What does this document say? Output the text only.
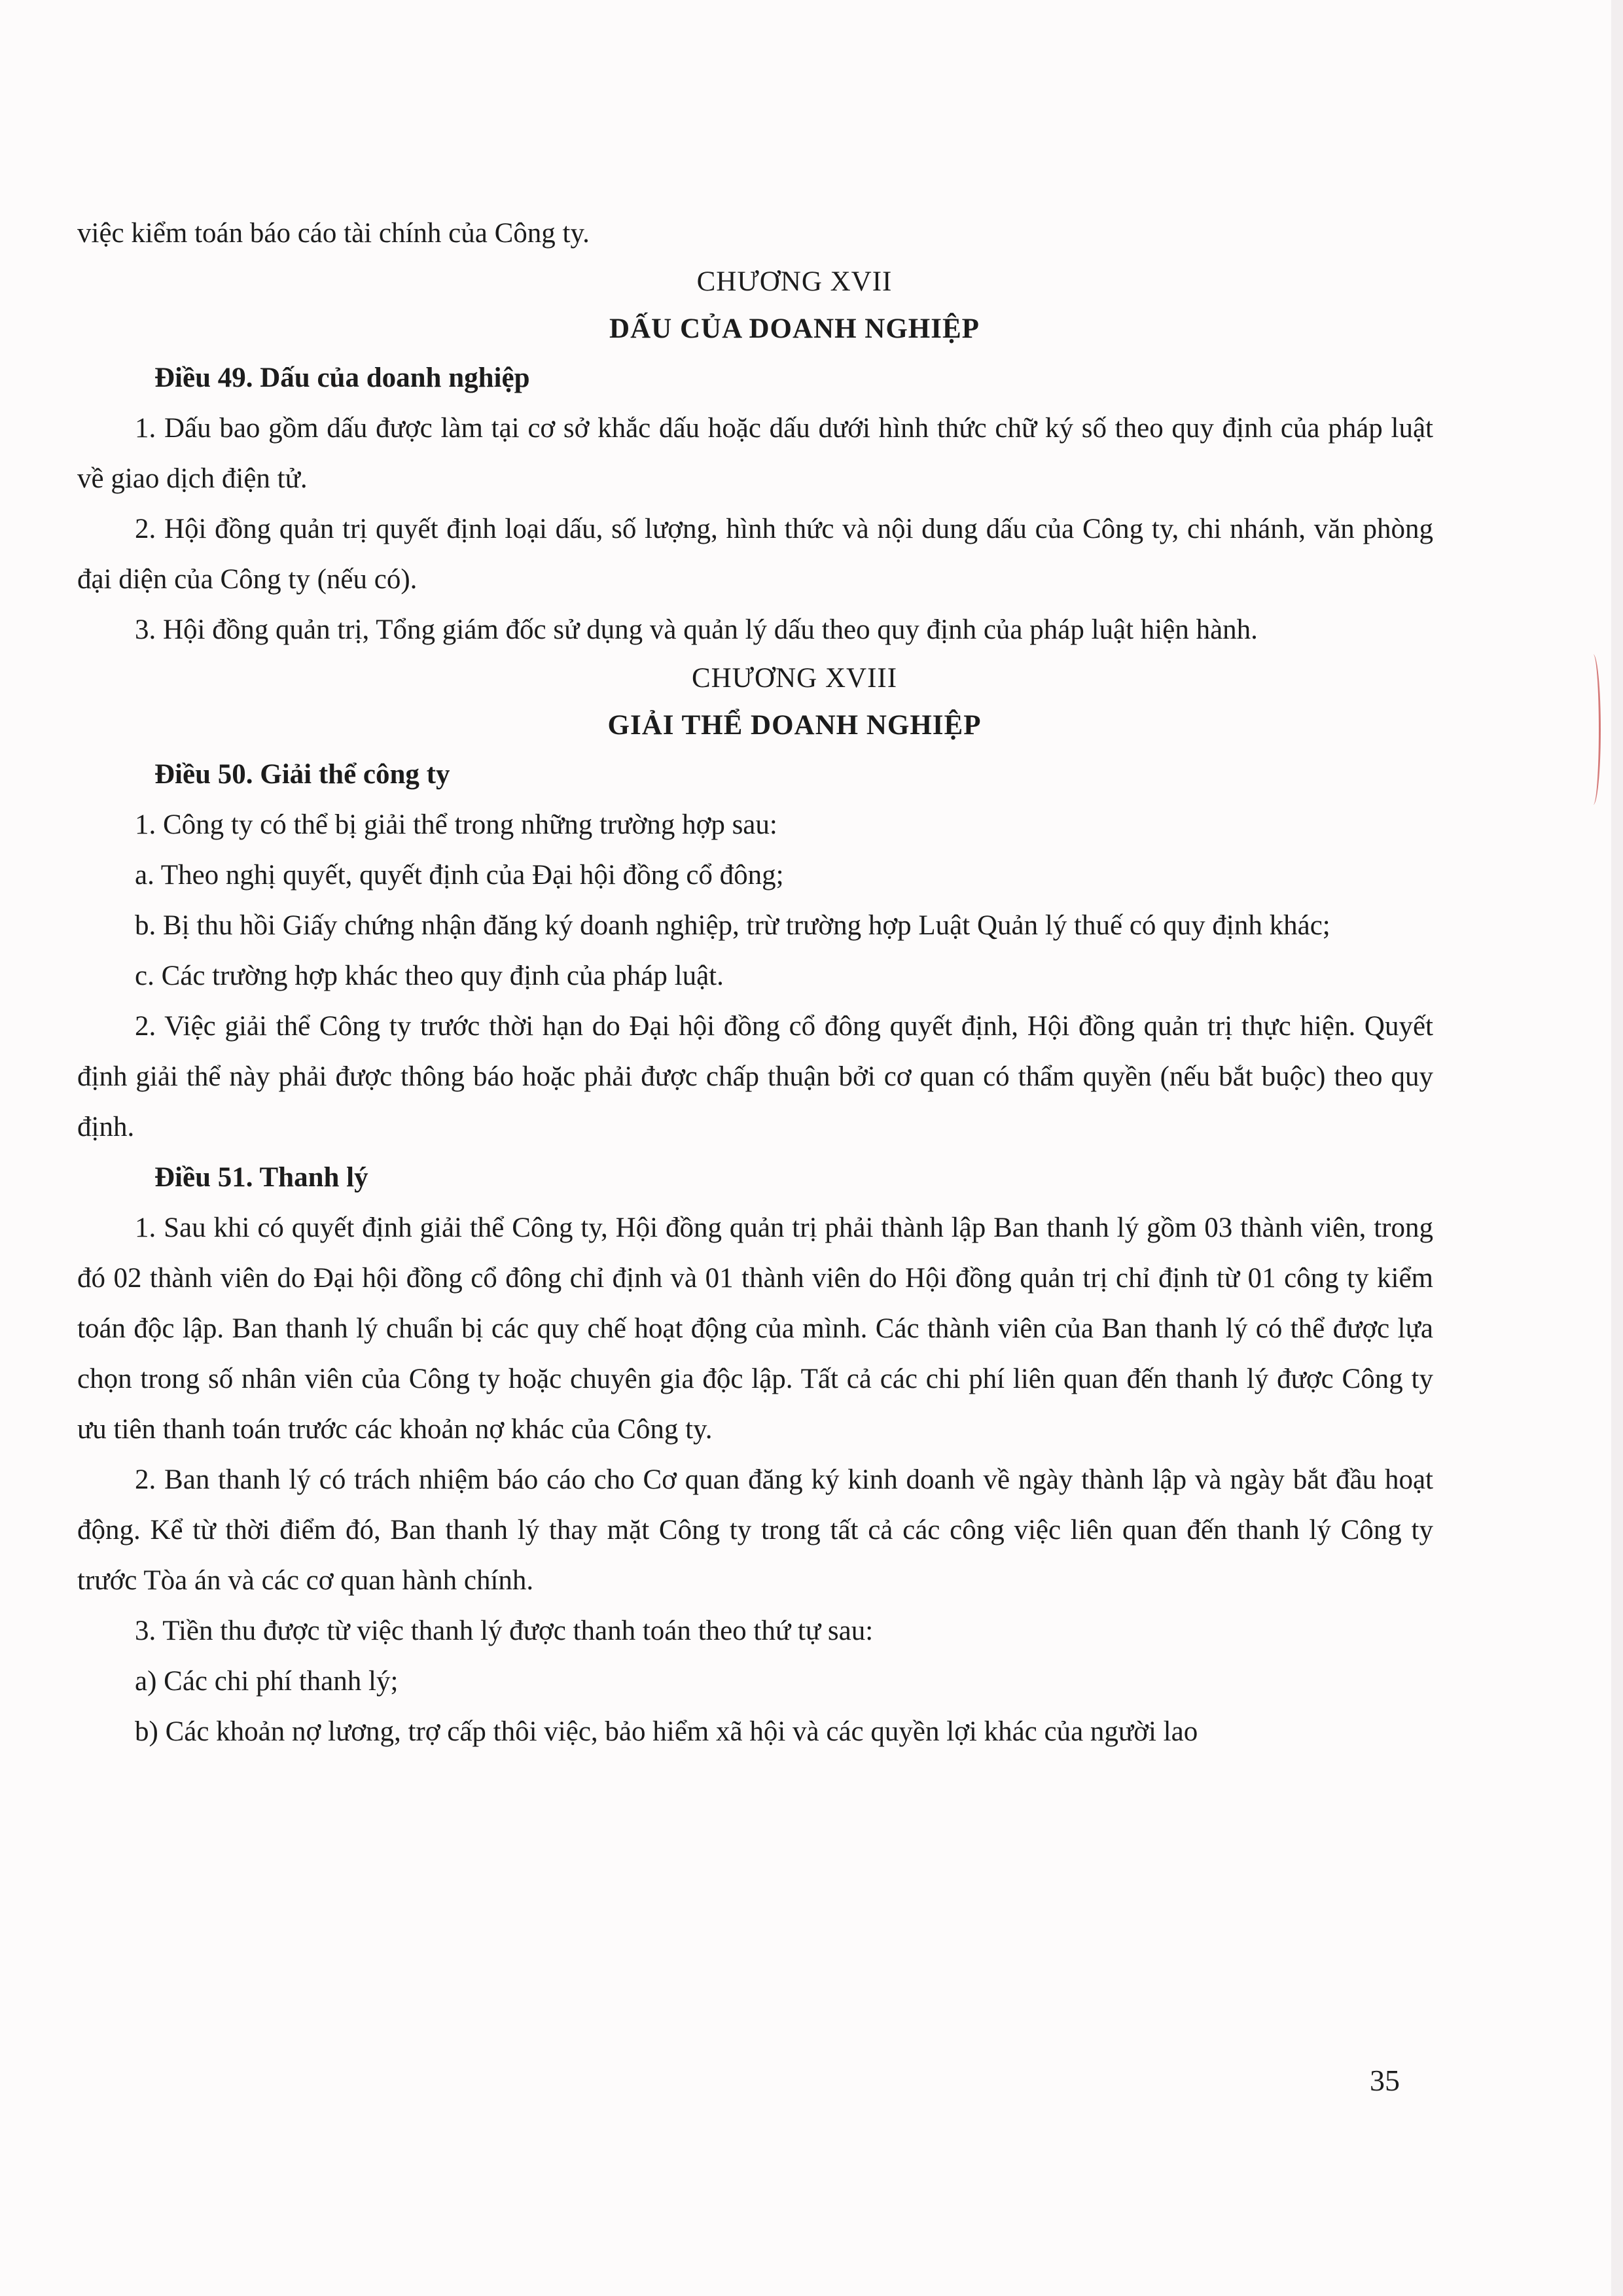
việc kiểm toán báo cáo tài chính của Công ty.

CHƯƠNG XVII

DẤU CỦA DOANH NGHIỆP

Điều 49. Dấu của doanh nghiệp

1. Dấu bao gồm dấu được làm tại cơ sở khắc dấu hoặc dấu dưới hình thức chữ ký số theo quy định của pháp luật về giao dịch điện tử.

2. Hội đồng quản trị quyết định loại dấu, số lượng, hình thức và nội dung dấu của Công ty, chi nhánh, văn phòng đại diện của Công ty (nếu có).

3. Hội đồng quản trị, Tổng giám đốc sử dụng và quản lý dấu theo quy định của pháp luật hiện hành.

CHƯƠNG XVIII

GIẢI THỂ DOANH NGHIỆP

Điều 50. Giải thể công ty

1. Công ty có thể bị giải thể trong những trường hợp sau:

a. Theo nghị quyết, quyết định của Đại hội đồng cổ đông;

b. Bị thu hồi Giấy chứng nhận đăng ký doanh nghiệp, trừ trường hợp Luật Quản lý thuế có quy định khác;

c. Các trường hợp khác theo quy định của pháp luật.

2. Việc giải thể Công ty trước thời hạn do Đại hội đồng cổ đông quyết định, Hội đồng quản trị thực hiện. Quyết định giải thể này phải được thông báo hoặc phải được chấp thuận bởi cơ quan có thẩm quyền (nếu bắt buộc) theo quy định.

Điều 51. Thanh lý

1. Sau khi có quyết định giải thể Công ty, Hội đồng quản trị phải thành lập Ban thanh lý gồm 03 thành viên, trong đó 02 thành viên do Đại hội đồng cổ đông chỉ định và 01 thành viên do Hội đồng quản trị chỉ định từ 01 công ty kiểm toán độc lập. Ban thanh lý chuẩn bị các quy chế hoạt động của mình. Các thành viên của Ban thanh lý có thể được lựa chọn trong số nhân viên của Công ty hoặc chuyên gia độc lập. Tất cả các chi phí liên quan đến thanh lý được Công ty ưu tiên thanh toán trước các khoản nợ khác của Công ty.

2. Ban thanh lý có trách nhiệm báo cáo cho Cơ quan đăng ký kinh doanh về ngày thành lập và ngày bắt đầu hoạt động. Kể từ thời điểm đó, Ban thanh lý thay mặt Công ty trong tất cả các công việc liên quan đến thanh lý Công ty trước Tòa án và các cơ quan hành chính.

3. Tiền thu được từ việc thanh lý được thanh toán theo thứ tự sau:

a) Các chi phí thanh lý;

b) Các khoản nợ lương, trợ cấp thôi việc, bảo hiểm xã hội và các quyền lợi khác của người lao

35
